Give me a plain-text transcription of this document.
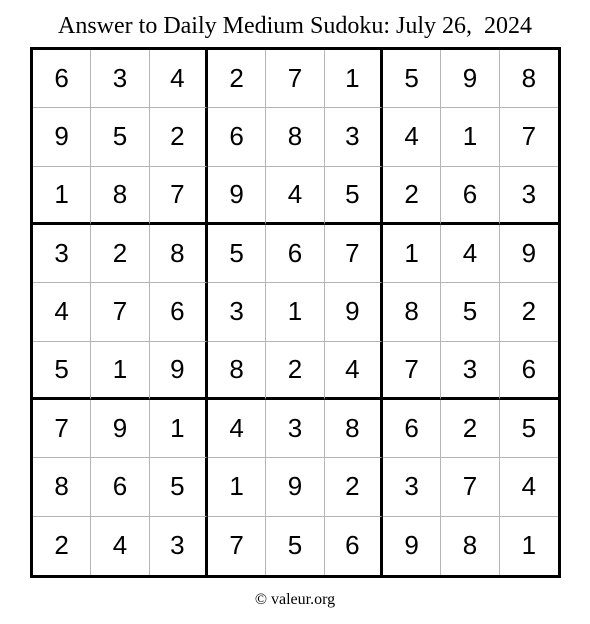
Answer to Daily Medium Sudoku: July 26,  2024
6	3	4	2	7	1	5	9	8
9	5	2	6	8	3	4	1	7
1	8	7	9	4	5	2	6	3
3	2	8	5	6	7	1	4	9
4	7	6	3	1	9	8	5	2
5	1	9	8	2	4	7	3	6
7	9	1	4	3	8	6	2	5
8	6	5	1	9	2	3	7	4
2	4	3	7	5	6	9	8	1
© valeur.org
